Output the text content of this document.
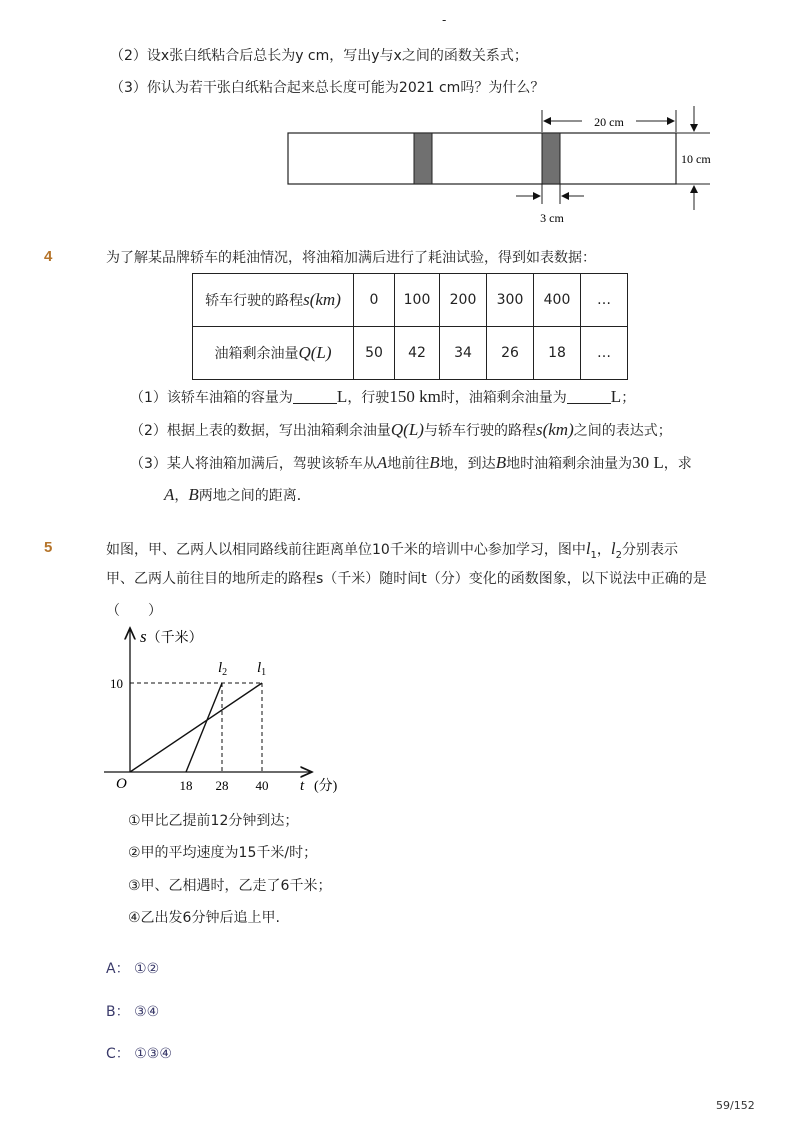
-
（2）设x张白纸粘合后总长为y cm，写出y与x之间的函数关系式；
（3）你认为若干张白纸粘合起来总长度可能为2021 cm吗？为什么？
20 cm
10 cm
3 cm
4	为了解某品牌轿车的耗油情况，将油箱加满后进行了耗油试验，得到如表数据：
轿车行驶的路程s(km)	0	100	200	300	400	…
油箱剩余油量Q(L)	50	42	34	26	18	…
（1）该轿车油箱的容量为	L，行驶150 km时，油箱剩余油量为	L；
（2）根据上表的数据，写出油箱剩余油量Q(L)与轿车行驶的路程s(km)之间的表达式；
（3）某人将油箱加满后，驾驶该轿车从A地前往B地，到达B地时油箱剩余油量为30 L，求
A，B两地之间的距离．
5	如图，甲、乙两人以相同路线前往距离单位10千米的培训中心参加学习，图中$l_1$，$l_2$分别表示
甲、乙两人前往目的地所走的路程s（千米）随时间t（分）变化的函数图象，以下说法中正确的是
（　　）
s（千米）
t (分)
O
10
18 28 40
$l_2$ $l_1$
①甲比乙提前12分钟到达；
②甲的平均速度为15千米/时；
③甲、乙相遇时，乙走了6千米；
④乙出发6分钟后追上甲.
A： ①②
B： ③④
C： ①③④
59/152
